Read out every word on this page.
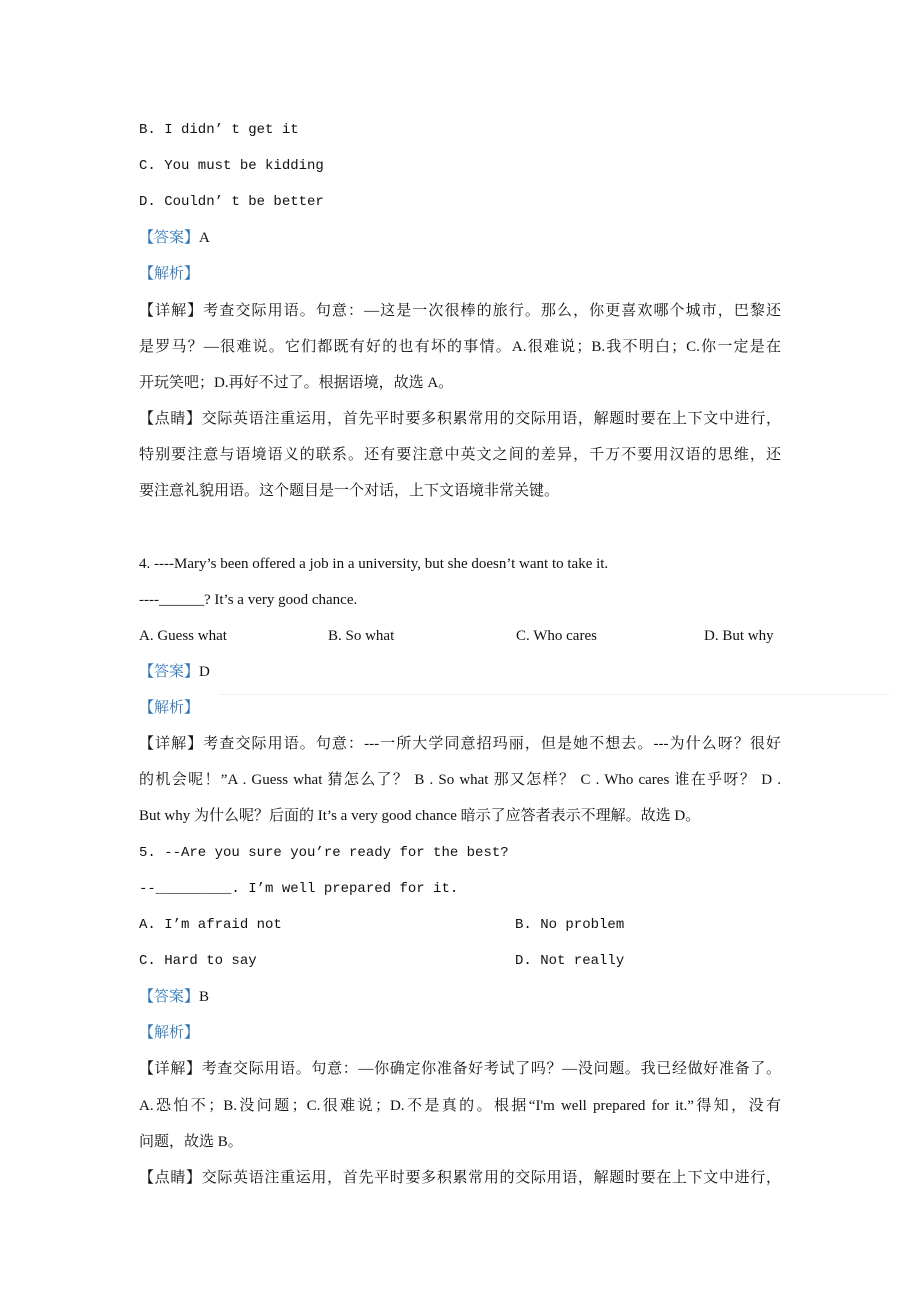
B. I didn’ t get it
C. You must be kidding
D. Couldn’ t be better
【答案】A
【解析】
【详解】考查交际用语。句意：—这是一次很棒的旅行。那么，你更喜欢哪个城市，巴黎还
是罗马？—很难说。它们都既有好的也有坏的事情。A.很难说；B.我不明白；C.你一定是在
开玩笑吧；D.再好不过了。根据语境，故选 A。
【点睛】交际英语注重运用，首先平时要多积累常用的交际用语，解题时要在上下文中进行，
特别要注意与语境语义的联系。还有要注意中英文之间的差异，千万不要用汉语的思维，还
要注意礼貌用语。这个题目是一个对话，上下文语境非常关键。
4. ----Mary’s been offered a job in a university, but she doesn’t want to take it.
----______? It’s a very good chance.
A. Guess what	B. So what	C. Who cares	D. But why
【答案】D
【解析】
【详解】考查交际用语。句意：---一所大学同意招玛丽，但是她不想去。---为什么呀？很好
的机会呢！”A . Guess what 猜怎么了？ B . So what 那又怎样？ C . Who cares 谁在乎呀？ D .
But why 为什么呢？后面的 It’s a very good chance 暗示了应答者表示不理解。故选 D。
5. --Are you sure you’re ready for the best?
--_________. I’m well prepared for it.
A. I’m afraid not	B. No problem
C. Hard to say	D. Not really
【答案】B
【解析】
【详解】考查交际用语。句意：—你确定你准备好考试了吗？—没问题。我已经做好准备了。
A.恐怕不；B.没问题；C.很难说；D.不是真的。根据“I'm well prepared for it.”得知，没有
问题，故选 B。
【点睛】交际英语注重运用，首先平时要多积累常用的交际用语，解题时要在上下文中进行，
